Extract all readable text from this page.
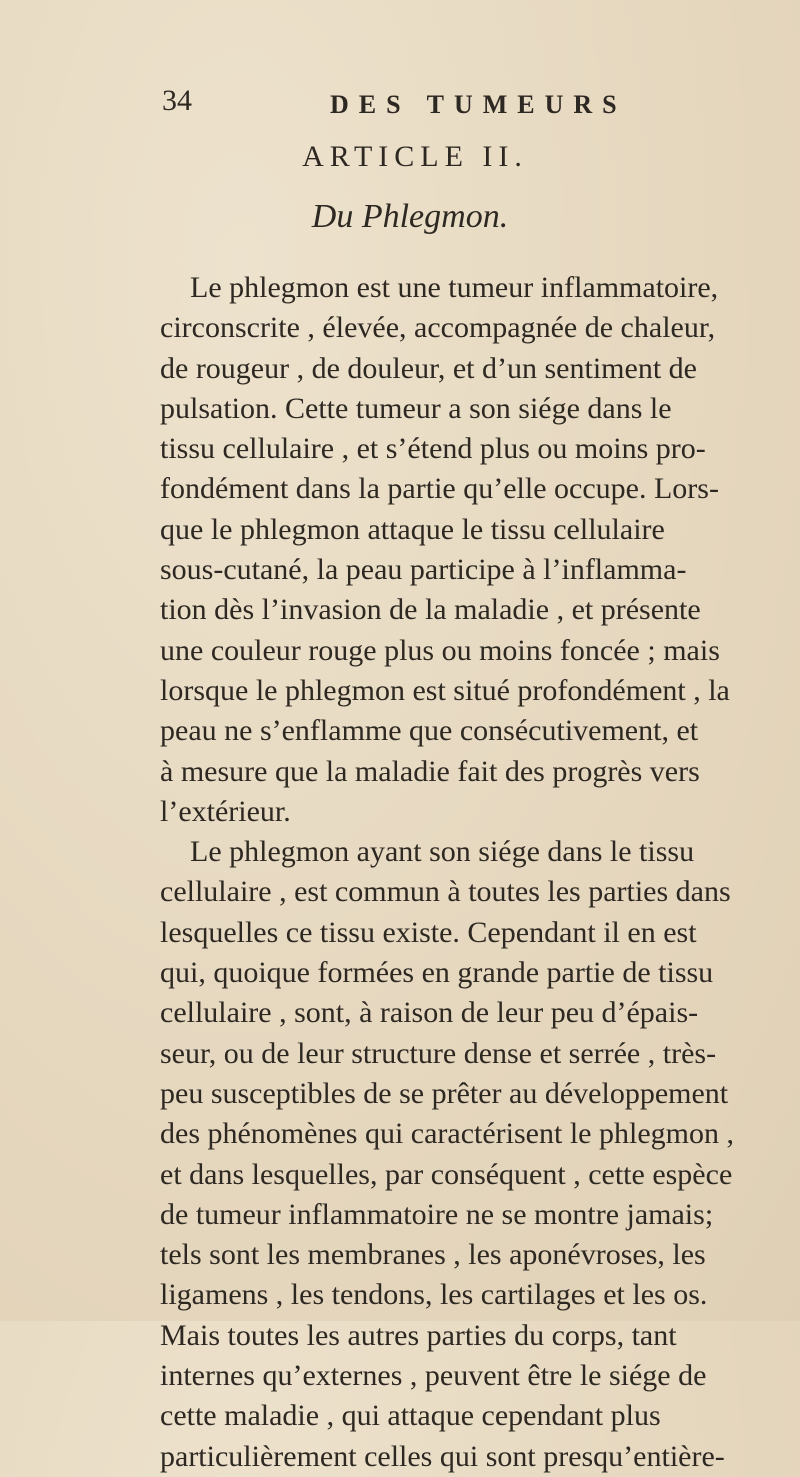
34	DES TUMEURS
ARTICLE II.
Du Phlegmon.
Le phlegmon est une tumeur inflammatoire,
circonscrite , élevée, accompagnée de chaleur,
de rougeur , de douleur, et d’un sentiment de
pulsation. Cette tumeur a son siége dans le
tissu cellulaire , et s’étend plus ou moins pro-
fondément dans la partie qu’elle occupe. Lors-
que le phlegmon attaque le tissu cellulaire
sous-cutané, la peau participe à l’inflamma-
tion dès l’invasion de la maladie , et présente
une couleur rouge plus ou moins foncée ; mais
lorsque le phlegmon est situé profondément , la
peau ne s’enflamme que consécutivement, et
à mesure que la maladie fait des progrès vers
l’extérieur.
Le phlegmon ayant son siége dans le tissu
cellulaire , est commun à toutes les parties dans
lesquelles ce tissu existe. Cependant il en est
qui, quoique formées en grande partie de tissu
cellulaire , sont, à raison de leur peu d’épais-
seur, ou de leur structure dense et serrée , très-
peu susceptibles de se prêter au développement
des phénomènes qui caractérisent le phlegmon ,
et dans lesquelles, par conséquent , cette espèce
de tumeur inflammatoire ne se montre jamais;
tels sont les membranes , les aponévroses, les
ligamens , les tendons, les cartilages et les os.
Mais toutes les autres parties du corps, tant
internes qu’externes , peuvent être le siége de
cette maladie , qui attaque cependant plus
particulièrement celles qui sont presqu’entière-
